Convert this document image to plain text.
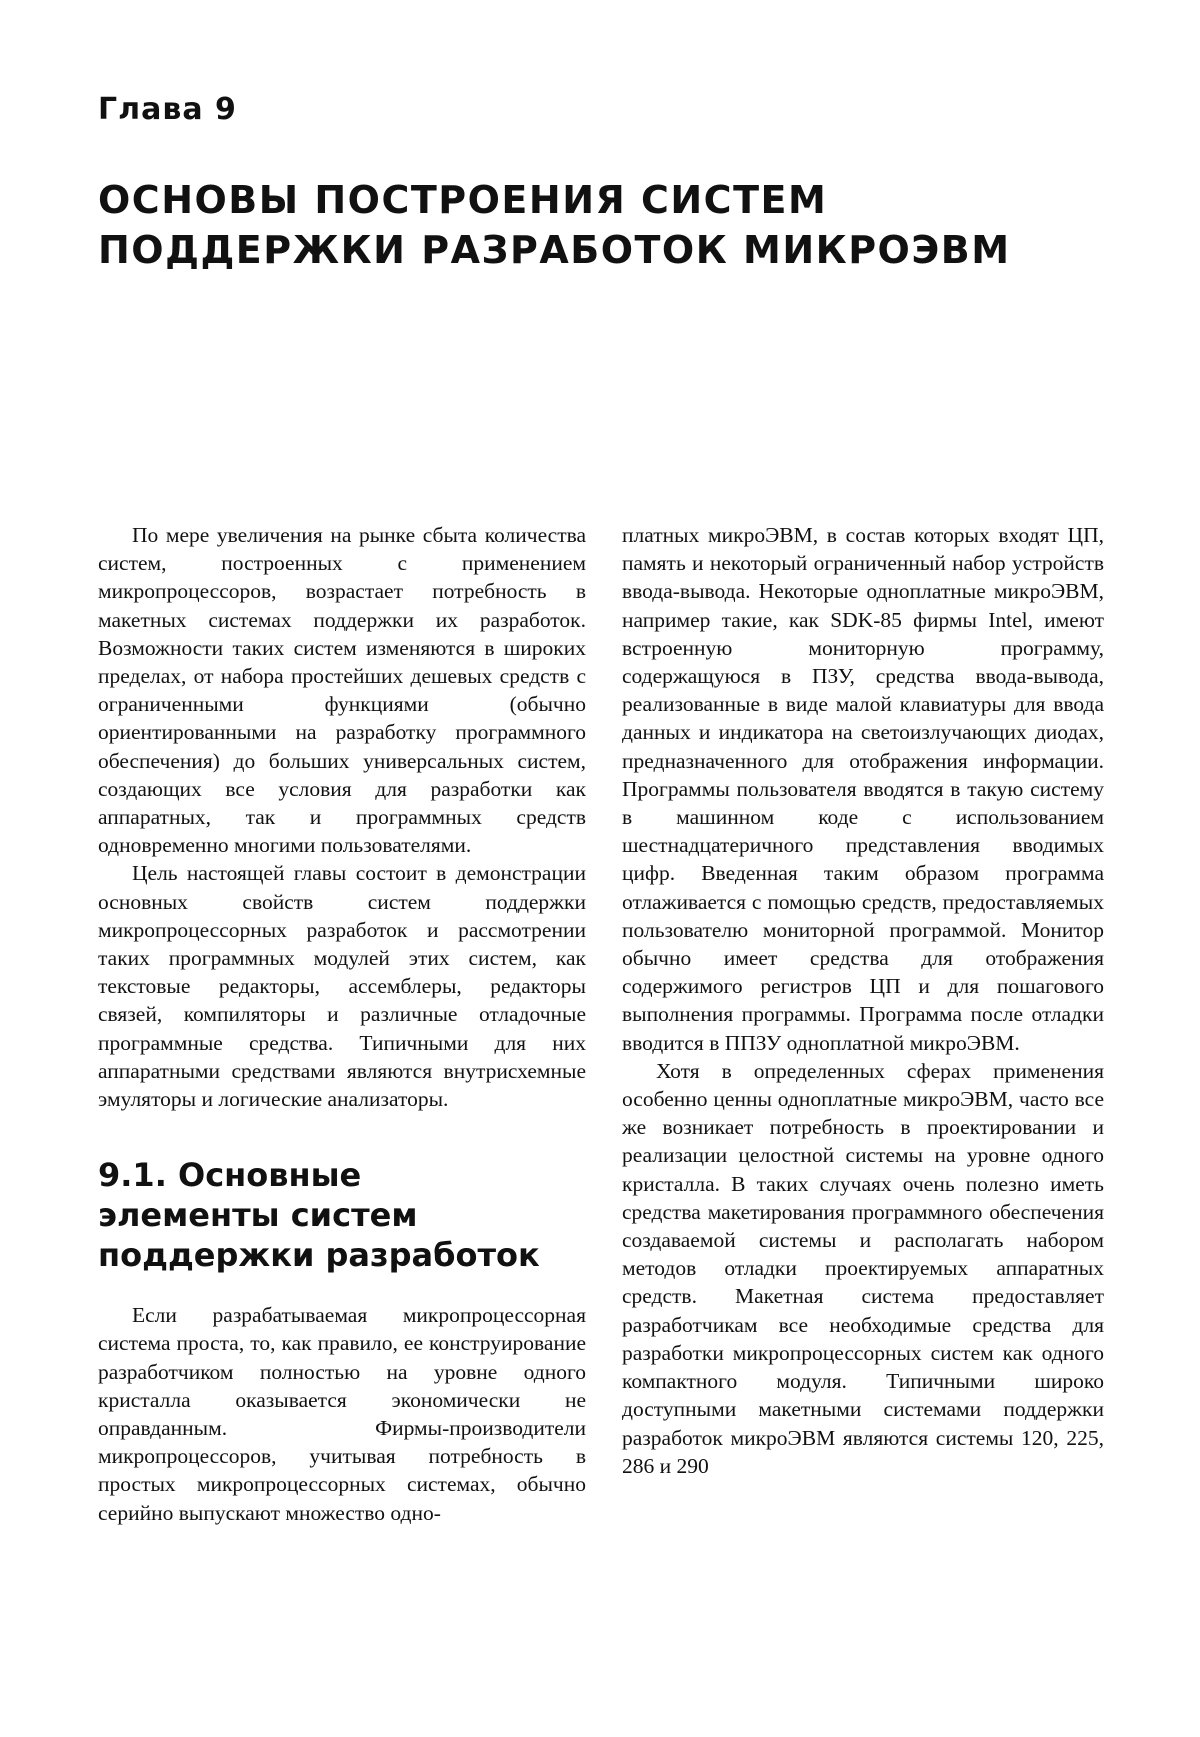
Глава 9
ОСНОВЫ ПОСТРОЕНИЯ СИСТЕМ
ПОДДЕРЖКИ РАЗРАБОТОК МИКРОЭВМ

По мере увеличения на рынке сбыта количества систем, построенных с применением микропроцессоров, возрастает потребность в макетных системах поддержки их разработок. Возможности таких систем изменяются в широких пределах, от набора простейших дешевых средств с ограниченными функциями (обычно ориентированными на разработку программного обеспечения) до больших универсальных систем, создающих все условия для разработки как аппаратных, так и программных средств одновременно многими пользователями.

Цель настоящей главы состоит в демонстрации основных свойств систем поддержки микропроцессорных разработок и рассмотрении таких программных модулей этих систем, как текстовые редакторы, ассемблеры, редакторы связей, компиляторы и различные отладочные программные средства. Типичными для них аппаратными средствами являются внутрисхемные эмуляторы и логические анализаторы.

9.1. Основные
элементы систем
поддержки разработок

Если разрабатываемая микропроцессорная система проста, то, как правило, ее конструирование разработчиком полностью на уровне одного кристалла оказывается экономически не оправданным. Фирмы-производители микропроцессоров, учитывая потребность в простых микропроцессорных системах, обычно серийно выпускают множество одно-

платных микроЭВМ, в состав которых входят ЦП, память и некоторый ограниченный набор устройств ввода-вывода. Некоторые одноплатные микроЭВМ, например такие, как SDK-85 фирмы Intel, имеют встроенную мониторную программу, содержащуюся в ПЗУ, средства ввода-вывода, реализованные в виде малой клавиатуры для ввода данных и индикатора на светоизлучающих диодах, предназначенного для отображения информации. Программы пользователя вводятся в такую систему в машинном коде с использованием шестнадцатеричного представления вводимых цифр. Введенная таким образом программа отлаживается с помощью средств, предоставляемых пользователю мониторной программой. Монитор обычно имеет средства для отображения содержимого регистров ЦП и для пошагового выполнения программы. Программа после отладки вводится в ППЗУ одноплатной микроЭВМ.

Хотя в определенных сферах применения особенно ценны одноплатные микроЭВМ, часто все же возникает потребность в проектировании и реализации целостной системы на уровне одного кристалла. В таких случаях очень полезно иметь средства макетирования программного обеспечения создаваемой системы и располагать набором методов отладки проектируемых аппаратных средств. Макетная система предоставляет разработчикам все необходимые средства для разработки микропроцессорных систем как одного компактного модуля. Типичными широко доступными макетными системами поддержки разработок микроЭВМ являются системы 120, 225, 286 и 290
